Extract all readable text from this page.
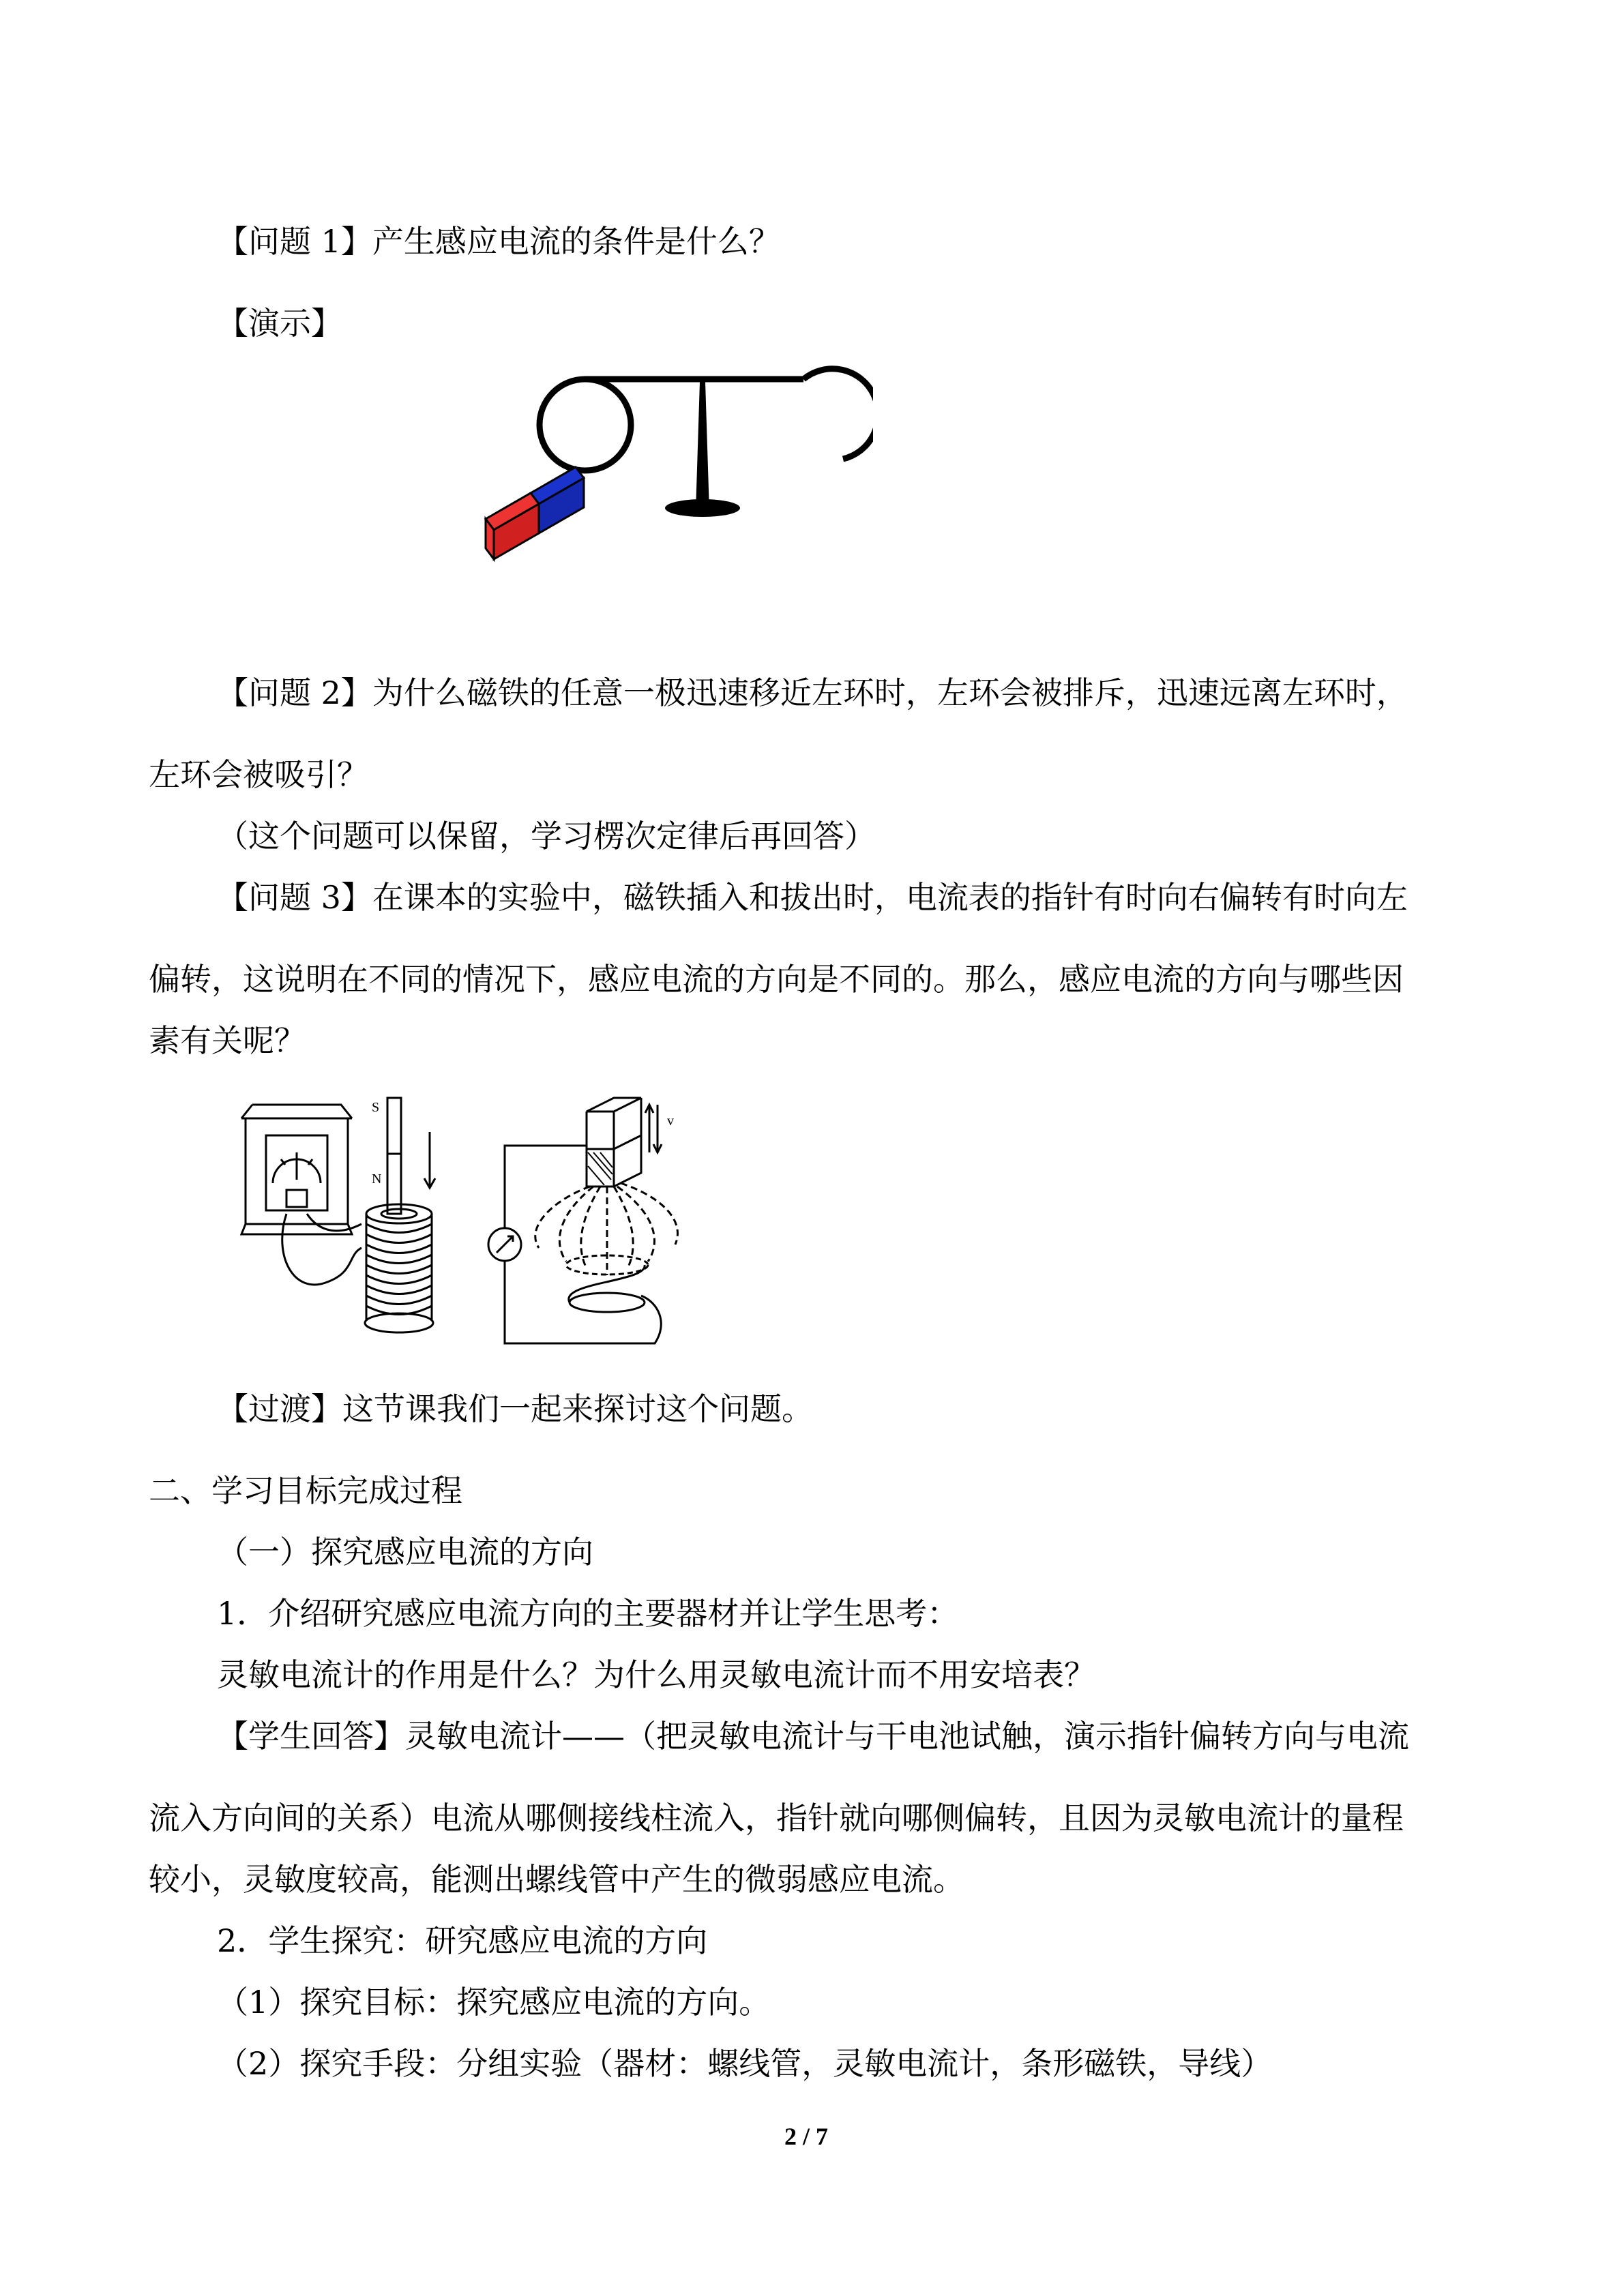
【问题 1】产生感应电流的条件是什么？
【演示】
【问题 2】为什么磁铁的任意一极迅速移近左环时，左环会被排斥，迅速远离左环时，
左环会被吸引？
（这个问题可以保留，学习楞次定律后再回答）
【问题 3】在课本的实验中，磁铁插入和拔出时，电流表的指针有时向右偏转有时向左
偏转，这说明在不同的情况下，感应电流的方向是不同的。那么，感应电流的方向与哪些因
素有关呢？
S
N
v
【过渡】这节课我们一起来探讨这个问题。
二、学习目标完成过程
（一）探究感应电流的方向
1．介绍研究感应电流方向的主要器材并让学生思考：
灵敏电流计的作用是什么？为什么用灵敏电流计而不用安培表？
【学生回答】灵敏电流计——（把灵敏电流计与干电池试触，演示指针偏转方向与电流
流入方向间的关系）电流从哪侧接线柱流入，指针就向哪侧偏转，且因为灵敏电流计的量程
较小，灵敏度较高，能测出螺线管中产生的微弱感应电流。
2．学生探究：研究感应电流的方向
（1）探究目标：探究感应电流的方向。
（2）探究手段：分组实验（器材：螺线管，灵敏电流计，条形磁铁，导线）
2 / 7
